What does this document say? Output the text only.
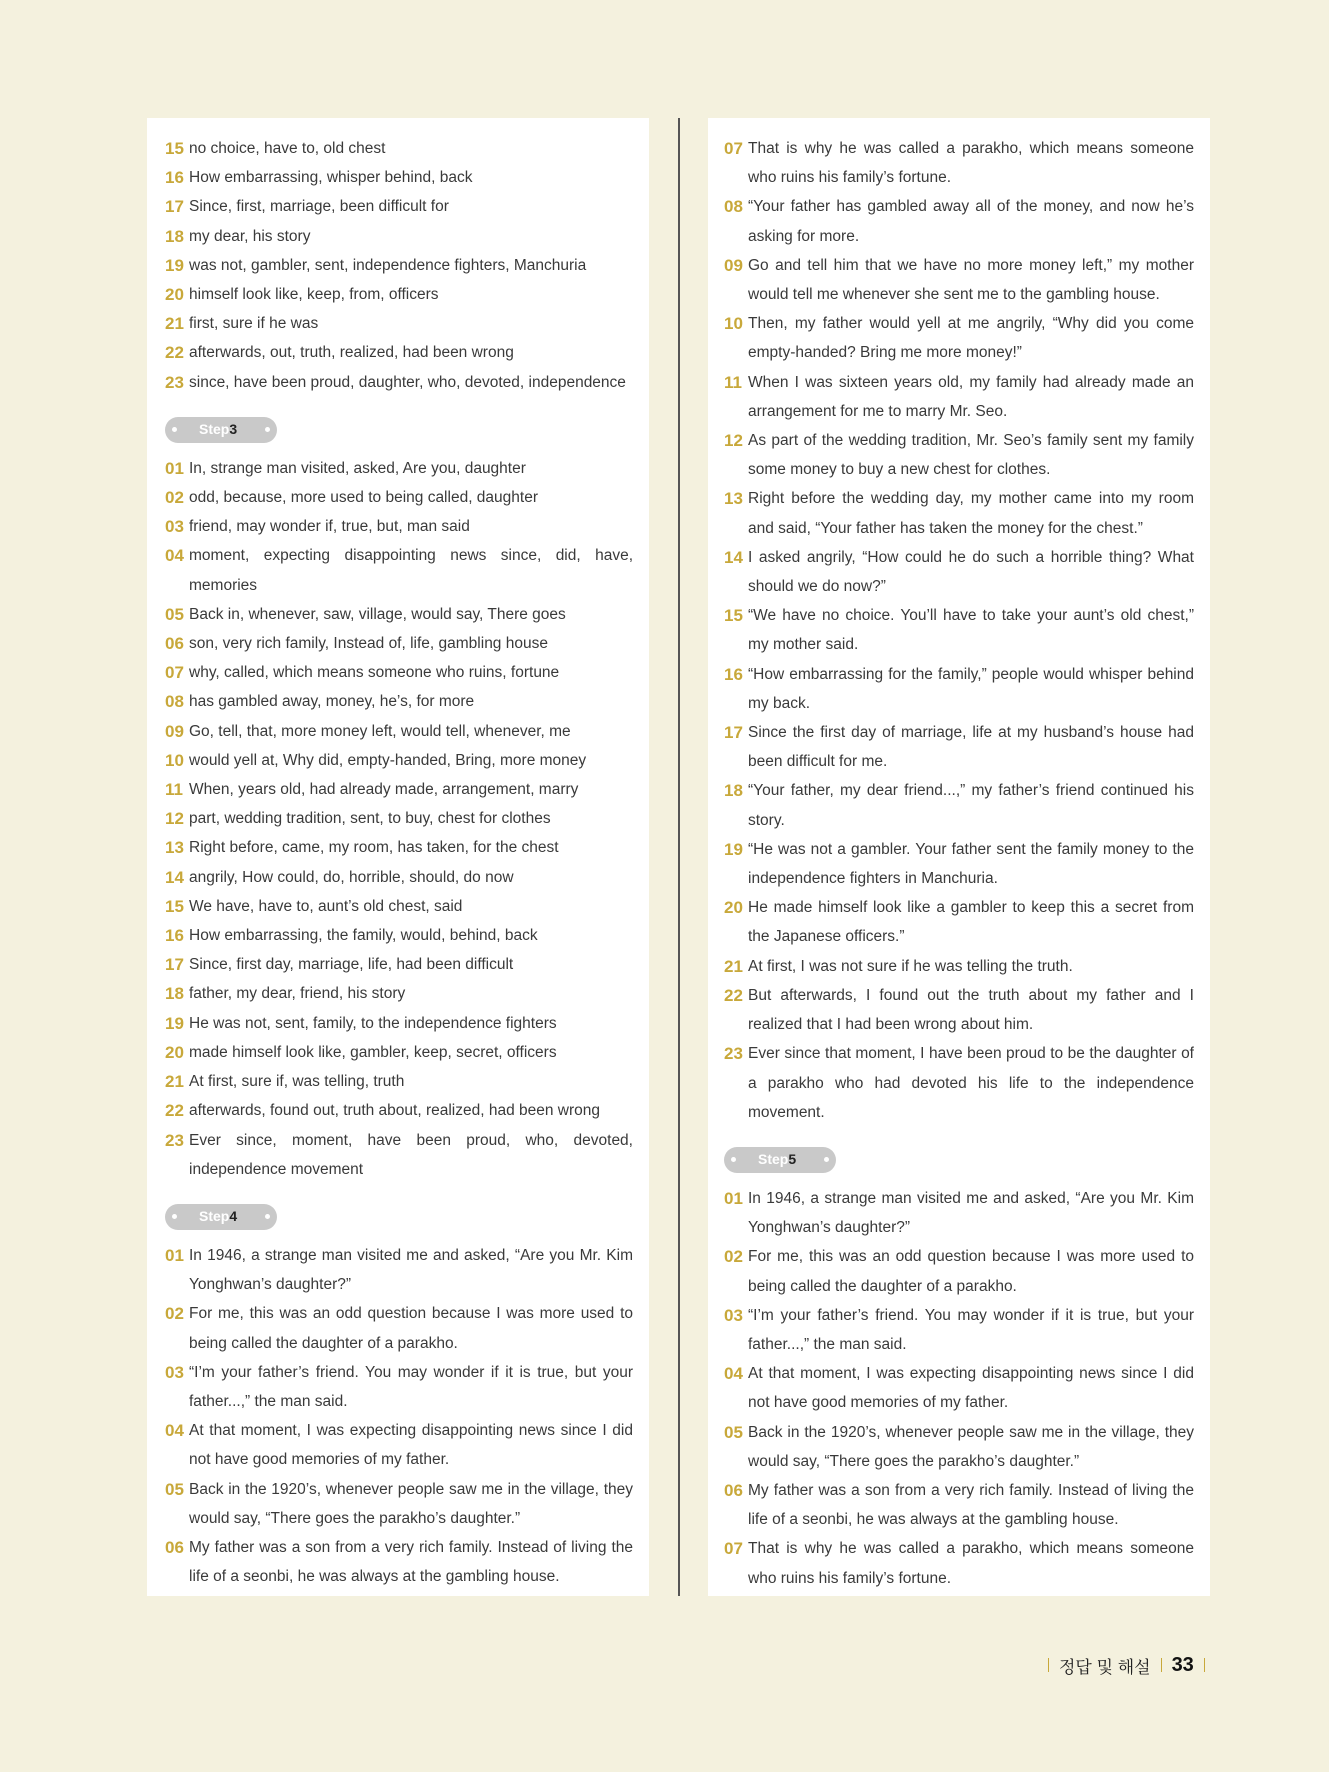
15 no choice, have to, old chest
16 How embarrassing, whisper behind, back
17 Since, first, marriage, been difficult for
18 my dear, his story
19 was not, gambler, sent, independence fighters, Manchuria
20 himself look like, keep, from, officers
21 first, sure if he was
22 afterwards, out, truth, realized, had been wrong
23 since, have been proud, daughter, who, devoted, independence
Step3
01 In, strange man visited, asked, Are you, daughter
02 odd, because, more used to being called, daughter
03 friend, may wonder if, true, but, man said
04 moment, expecting disappointing news since, did, have, memories
05 Back in, whenever, saw, village, would say, There goes
06 son, very rich family, Instead of, life, gambling house
07 why, called, which means someone who ruins, fortune
08 has gambled away, money, he’s, for more
09 Go, tell, that, more money left, would tell, whenever, me
10 would yell at, Why did, empty-handed, Bring, more money
11 When, years old, had already made, arrangement, marry
12 part, wedding tradition, sent, to buy, chest for clothes
13 Right before, came, my room, has taken, for the chest
14 angrily, How could, do, horrible, should, do now
15 We have, have to, aunt’s old chest, said
16 How embarrassing, the family, would, behind, back
17 Since, first day, marriage, life, had been difficult
18 father, my dear, friend, his story
19 He was not, sent, family, to the independence fighters
20 made himself look like, gambler, keep, secret, officers
21 At first, sure if, was telling, truth
22 afterwards, found out, truth about, realized, had been wrong
23 Ever since, moment, have been proud, who, devoted, independence movement
Step4
01 In 1946, a strange man visited me and asked, “Are you Mr. Kim Yonghwan’s daughter?”
02 For me, this was an odd question because I was more used to being called the daughter of a parakho.
03 “I’m your father’s friend. You may wonder if it is true, but your father...,” the man said.
04 At that moment, I was expecting disappointing news since I did not have good memories of my father.
05 Back in the 1920’s, whenever people saw me in the village, they would say, “There goes the parakho’s daughter.”
06 My father was a son from a very rich family. Instead of living the life of a seonbi, he was always at the gambling house.
07 That is why he was called a parakho, which means someone who ruins his family’s fortune.
08 “Your father has gambled away all of the money, and now he’s asking for more.
09 Go and tell him that we have no more money left,” my mother would tell me whenever she sent me to the gambling house.
10 Then, my father would yell at me angrily, “Why did you come empty-handed? Bring me more money!”
11 When I was sixteen years old, my family had already made an arrangement for me to marry Mr. Seo.
12 As part of the wedding tradition, Mr. Seo’s family sent my family some money to buy a new chest for clothes.
13 Right before the wedding day, my mother came into my room and said, “Your father has taken the money for the chest.”
14 I asked angrily, “How could he do such a horrible thing? What should we do now?”
15 “We have no choice. You’ll have to take your aunt’s old chest,” my mother said.
16 “How embarrassing for the family,” people would whisper behind my back.
17 Since the first day of marriage, life at my husband’s house had been difficult for me.
18 “Your father, my dear friend...,” my father’s friend continued his story.
19 “He was not a gambler. Your father sent the family money to the independence fighters in Manchuria.
20 He made himself look like a gambler to keep this a secret from the Japanese officers.”
21 At first, I was not sure if he was telling the truth.
22 But afterwards, I found out the truth about my father and I realized that I had been wrong about him.
23 Ever since that moment, I have been proud to be the daughter of a parakho who had devoted his life to the independence movement.
Step5
01 In 1946, a strange man visited me and asked, “Are you Mr. Kim Yonghwan’s daughter?”
02 For me, this was an odd question because I was more used to being called the daughter of a parakho.
03 “I’m your father’s friend. You may wonder if it is true, but your father...,” the man said.
04 At that moment, I was expecting disappointing news since I did not have good memories of my father.
05 Back in the 1920’s, whenever people saw me in the village, they would say, “There goes the parakho’s daughter.”
06 My father was a son from a very rich family. Instead of living the life of a seonbi, he was always at the gambling house.
07 That is why he was called a parakho, which means someone who ruins his family’s fortune.
정답 및 해설 33
